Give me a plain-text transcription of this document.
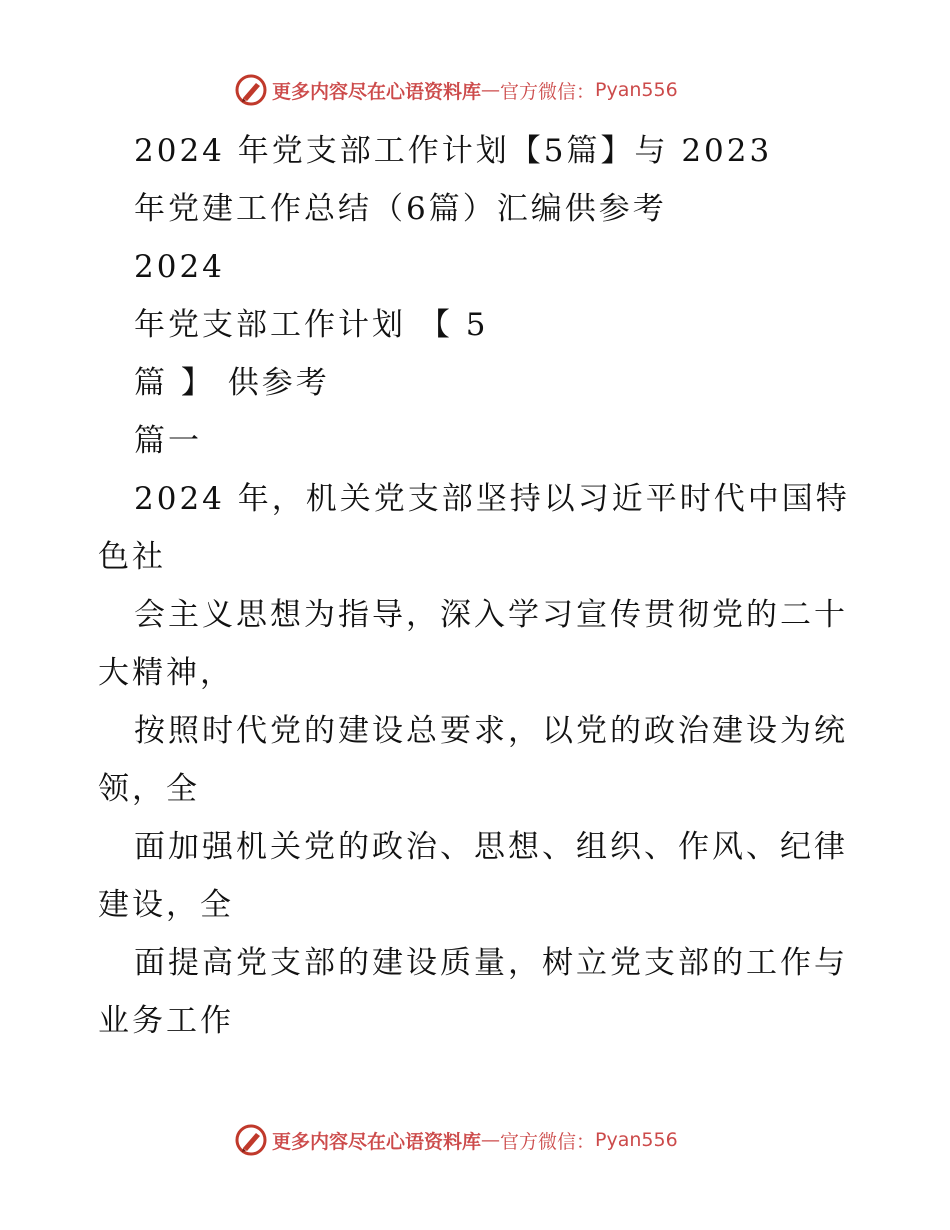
更多内容尽在心语资料库 — 官方微信： Pyan556
2024 年党支部工作计划【5篇】与 2023
年党建工作总结（6篇）汇编供参考
2024
年党支部工作计划 【 5
篇 】 供参考
篇一
2024 年，机关党支部坚持以习近平时代中国特
色社
会主义思想为指导，深入学习宣传贯彻党的二十
大精神，
按照时代党的建设总要求，以党的政治建设为统
领，全
面加强机关党的政治、思想、组织、作风、纪律
建设，全
面提高党支部的建设质量，树立党支部的工作与
业务工作
更多内容尽在心语资料库 — 官方微信： Pyan556
